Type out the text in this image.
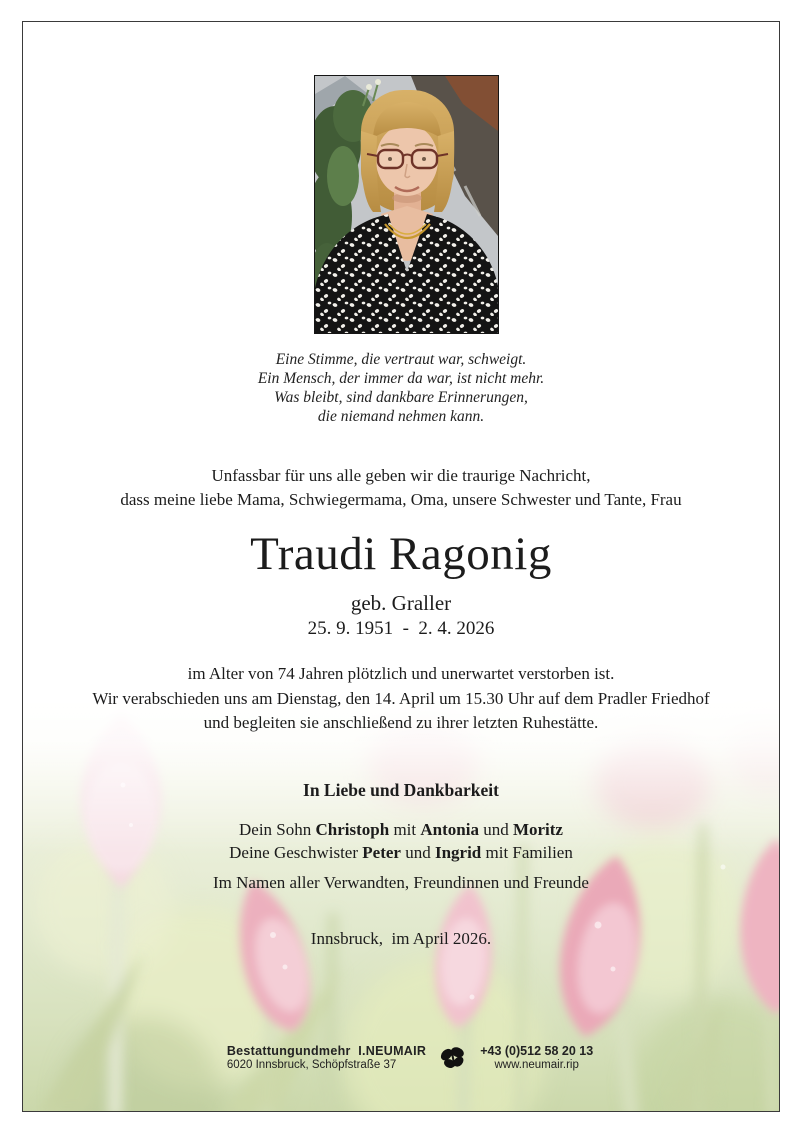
Eine Stimme, die vertraut war, schweigt.
Ein Mensch, der immer da war, ist nicht mehr.
Was bleibt, sind dankbare Erinnerungen,
die niemand nehmen kann.
Unfassbar für uns alle geben wir die traurige Nachricht,
dass meine liebe Mama, Schwiegermama, Oma, unsere Schwester und Tante, Frau
Traudi Ragonig
geb. Graller
25. 9. 1951  -  2. 4. 2026
im Alter von 74 Jahren plötzlich und unerwartet verstorben ist.
Wir verabschieden uns am Dienstag, den 14. April um 15.30 Uhr auf dem Pradler Friedhof
und begleiten sie anschließend zu ihrer letzten Ruhestätte.
In Liebe und Dankbarkeit
Dein Sohn Christoph mit Antonia und Moritz
Deine Geschwister Peter und Ingrid mit Familien
Im Namen aller Verwandten, Freundinnen und Freunde
Innsbruck,  im April 2026.
Bestattungundmehr I.NEUMAIR
6020 Innsbruck, Schöpfstraße 37
+43 (0)512 58 20 13
www.neumair.rip
